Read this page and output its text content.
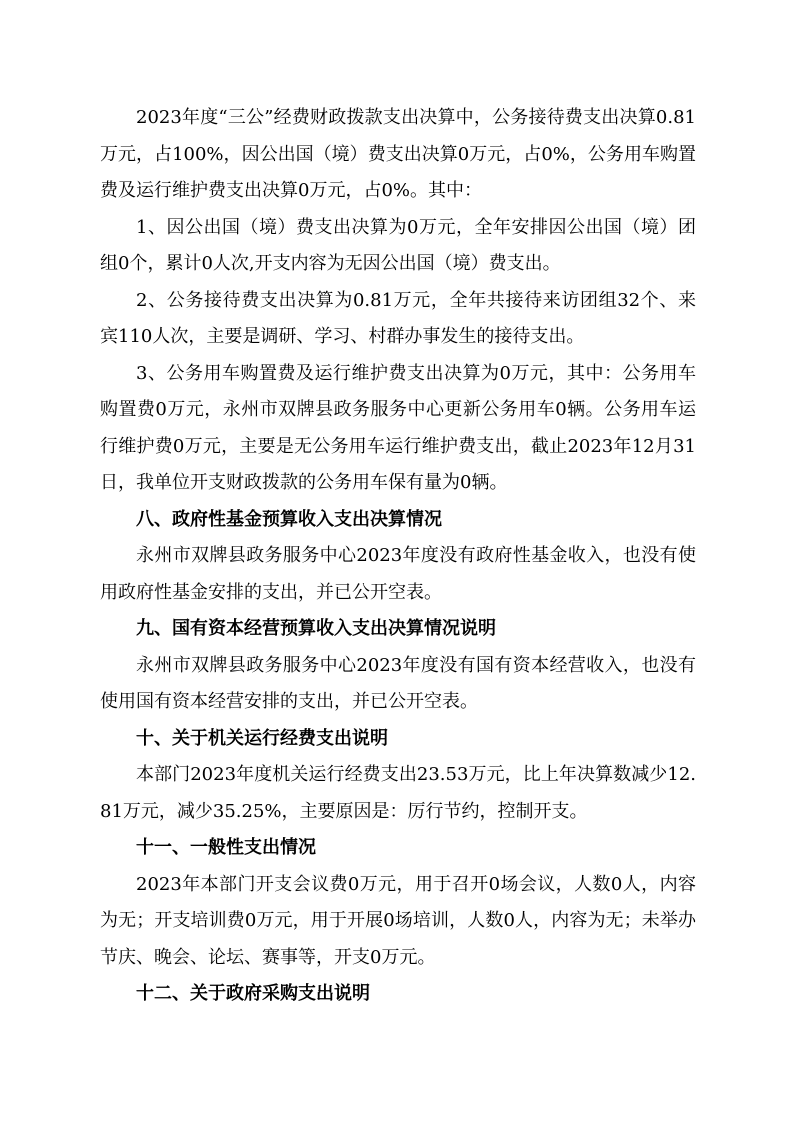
2023年度“三公”经费财政拨款支出决算中，公务接待费支出决算0.81万元，占100%，因公出国（境）费支出决算0万元，占0%，公务用车购置费及运行维护费支出决算0万元，占0%。其中：

1、因公出国（境）费支出决算为0万元，全年安排因公出国（境）团组0个，累计0人次,开支内容为无因公出国（境）费支出。

2、公务接待费支出决算为0.81万元，全年共接待来访团组32个、来宾110人次，主要是调研、学习、村群办事发生的接待支出。

3、公务用车购置费及运行维护费支出决算为0万元，其中：公务用车购置费0万元，永州市双牌县政务服务中心更新公务用车0辆。公务用车运行维护费0万元，主要是无公务用车运行维护费支出，截止2023年12月31日，我单位开支财政拨款的公务用车保有量为0辆。

八、政府性基金预算收入支出决算情况

永州市双牌县政务服务中心2023年度没有政府性基金收入，也没有使用政府性基金安排的支出，并已公开空表。

九、国有资本经营预算收入支出决算情况说明

永州市双牌县政务服务中心2023年度没有国有资本经营收入，也没有使用国有资本经营安排的支出，并已公开空表。

十、关于机关运行经费支出说明

本部门2023年度机关运行经费支出23.53万元，比上年决算数减少12.81万元，减少35.25%，主要原因是：厉行节约，控制开支。

十一、一般性支出情况

2023年本部门开支会议费0万元，用于召开0场会议，人数0人，内容为无；开支培训费0万元，用于开展0场培训，人数0人，内容为无；未举办节庆、晚会、论坛、赛事等，开支0万元。

十二、关于政府采购支出说明
